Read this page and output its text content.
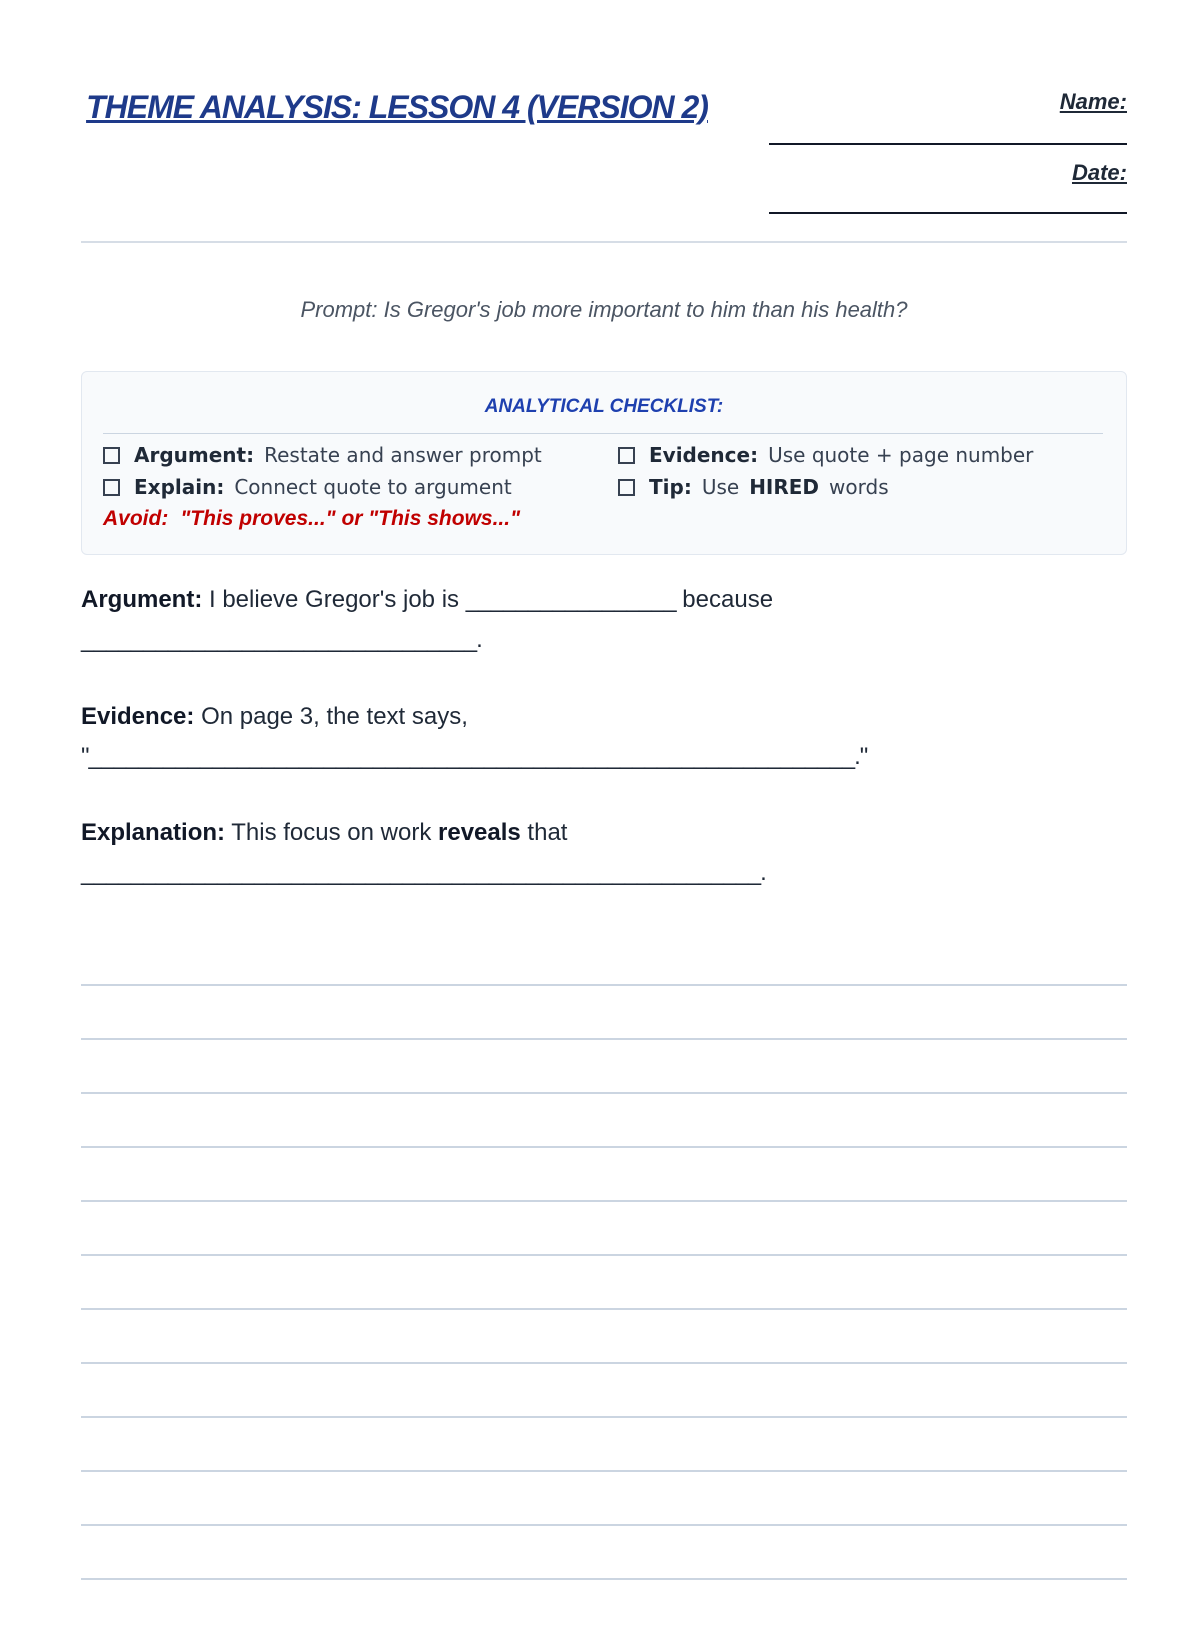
THEME ANALYSIS: LESSON 4 (VERSION 2)	Name:
Date:
Prompt: Is Gregor's job more important to him than his health?
ANALYTICAL CHECKLIST:
Argument: Restate and answer prompt	Evidence: Use quote + page number
Explain: Connect quote to argument	Tip: Use HIRED words
Avoid: "This proves..." or "This shows..."
Argument: I believe Gregor's job is _________________ because
________________________________.
Evidence: On page 3, the text says,
"______________________________________________________________."
Explanation: This focus on work reveals that
_______________________________________________________.
